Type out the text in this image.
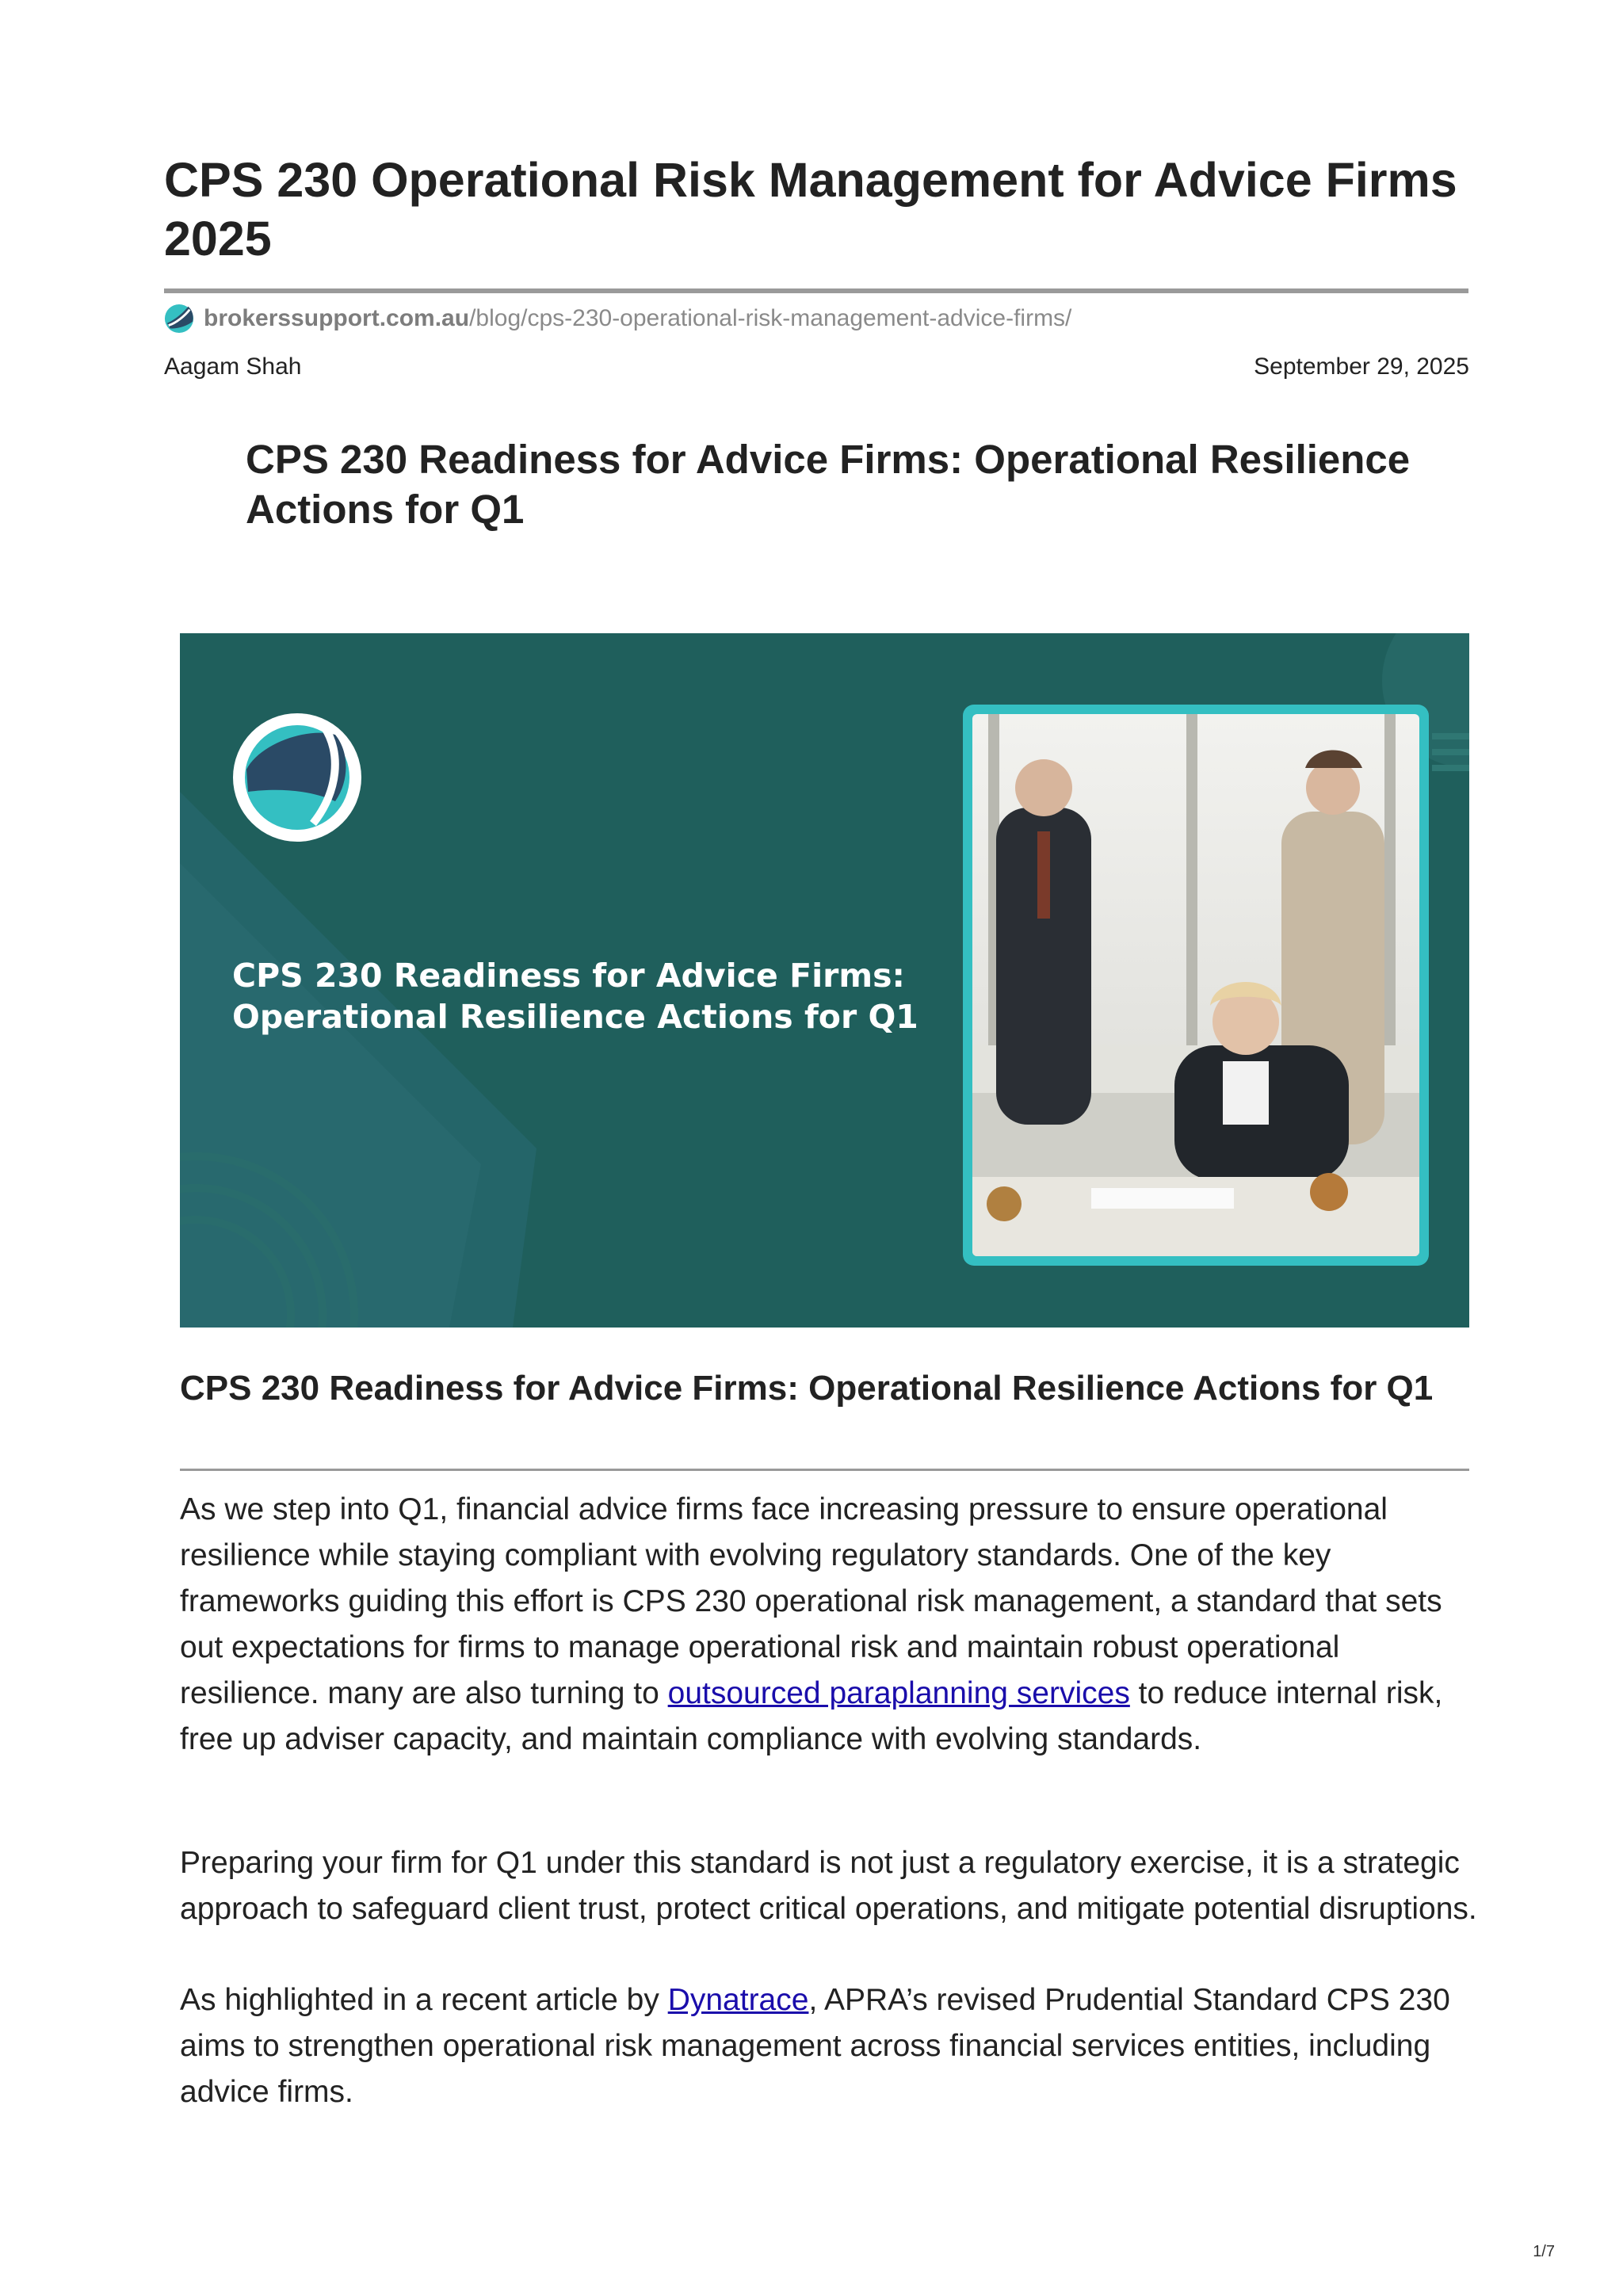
CPS 230 Operational Risk Management for Advice Firms 2025
brokerssupport.com.au /blog/cps-230-operational-risk-management-advice-firms/
Aagam Shah	September 29, 2025
CPS 230 Readiness for Advice Firms: Operational Resilience Actions for Q1
CPS 230 Readiness for Advice Firms:
Operational Resilience Actions for Q1
CPS 230 Readiness for Advice Firms: Operational Resilience Actions for Q1

As we step into Q1, financial advice firms face increasing pressure to ensure operational resilience while staying compliant with evolving regulatory standards. One of the key frameworks guiding this effort is CPS 230 operational risk management, a standard that sets out expectations for firms to manage operational risk and maintain robust operational resilience. many are also turning to outsourced paraplanning services to reduce internal risk, free up adviser capacity, and maintain compliance with evolving standards.

Preparing your firm for Q1 under this standard is not just a regulatory exercise, it is a strategic approach to safeguard client trust, protect critical operations, and mitigate potential disruptions.

As highlighted in a recent article by Dynatrace, APRA’s revised Prudential Standard CPS 230 aims to strengthen operational risk management across financial services entities, including advice firms.

1/7
